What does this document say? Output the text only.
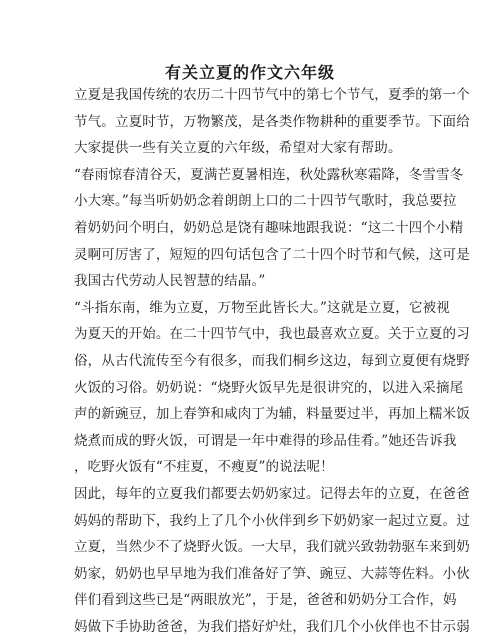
有关立夏的作文六年级
立夏是我国传统的农历二十四节气中的第七个节气，夏季的第一个
节气。立夏时节，万物繁茂，是各类作物耕种的重要季节。下面给
大家提供一些有关立夏的六年级，希望对大家有帮助。
“春雨惊春清谷天，夏满芒夏暑相连，秋处露秋寒霜降，冬雪雪冬
小大寒。”每当听奶奶念着朗朗上口的二十四节气歌时，我总要拉
着奶奶问个明白，奶奶总是饶有趣味地跟我说：“这二十四个小精
灵啊可厉害了，短短的四句话包含了二十四个时节和气候，这可是
我国古代劳动人民智慧的结晶。”
“斗指东南，维为立夏，万物至此皆长大。”这就是立夏，它被视
为夏天的开始。在二十四节气中，我也最喜欢立夏。关于立夏的习
俗，从古代流传至今有很多，而我们桐乡这边，每到立夏便有烧野
火饭的习俗。奶奶说：“烧野火饭早先是很讲究的，以进入采摘尾
声的新豌豆，加上春笋和咸肉丁为辅，料量要过半，再加上糯米饭
烧煮而成的野火饭，可谓是一年中难得的珍品佳肴。”她还告诉我
，吃野火饭有“不疰夏，不瘦夏”的说法呢！
因此，每年的立夏我们都要去奶奶家过。记得去年的立夏，在爸爸
妈妈的帮助下，我约上了几个小伙伴到乡下奶奶家一起过立夏。过
立夏，当然少不了烧野火饭。一大早，我们就兴致勃勃驱车来到奶
奶家，奶奶也早早地为我们准备好了笋、豌豆、大蒜等佐料。小伙
伴们看到这些已是“两眼放光”，于是，爸爸和奶奶分工合作，妈
妈做下手协助爸爸，为我们搭好炉灶，我们几个小伙伴也不甘示弱
